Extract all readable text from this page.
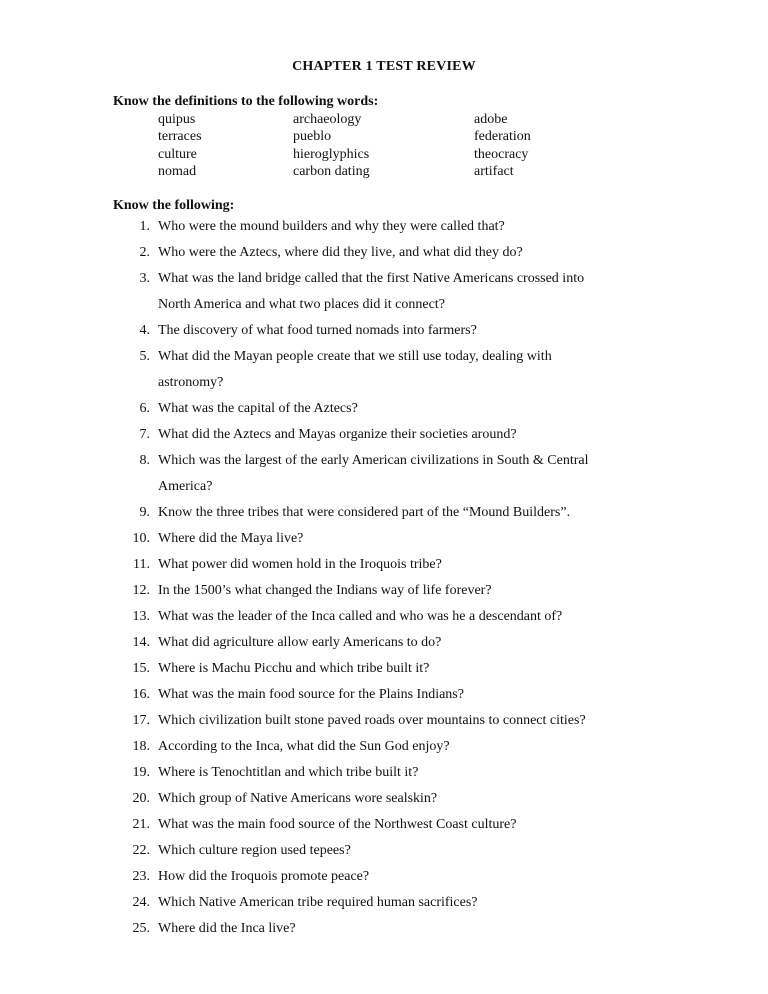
CHAPTER 1 TEST REVIEW
Know the definitions to the following words:
quipus
terraces
culture
nomad
archaeology
pueblo
hieroglyphics
carbon dating
adobe
federation
theocracy
artifact
Know the following:
1. Who were the mound builders and why they were called that?
2. Who were the Aztecs, where did they live, and what did they do?
3. What was the land bridge called that the first Native Americans crossed into
North America and what two places did it connect?
4. The discovery of what food turned nomads into farmers?
5. What did the Mayan people create that we still use today, dealing with
astronomy?
6. What was the capital of the Aztecs?
7. What did the Aztecs and Mayas organize their societies around?
8. Which was the largest of the early American civilizations in South & Central
America?
9. Know the three tribes that were considered part of the “Mound Builders”.
10. Where did the Maya live?
11. What power did women hold in the Iroquois tribe?
12. In the 1500’s what changed the Indians way of life forever?
13. What was the leader of the Inca called and who was he a descendant of?
14. What did agriculture allow early Americans to do?
15. Where is Machu Picchu and which tribe built it?
16. What was the main food source for the Plains Indians?
17. Which civilization built stone paved roads over mountains to connect cities?
18. According to the Inca, what did the Sun God enjoy?
19. Where is Tenochtitlan and which tribe built it?
20. Which group of Native Americans wore sealskin?
21. What was the main food source of the Northwest Coast culture?
22. Which culture region used tepees?
23. How did the Iroquois promote peace?
24. Which Native American tribe required human sacrifices?
25. Where did the Inca live?
